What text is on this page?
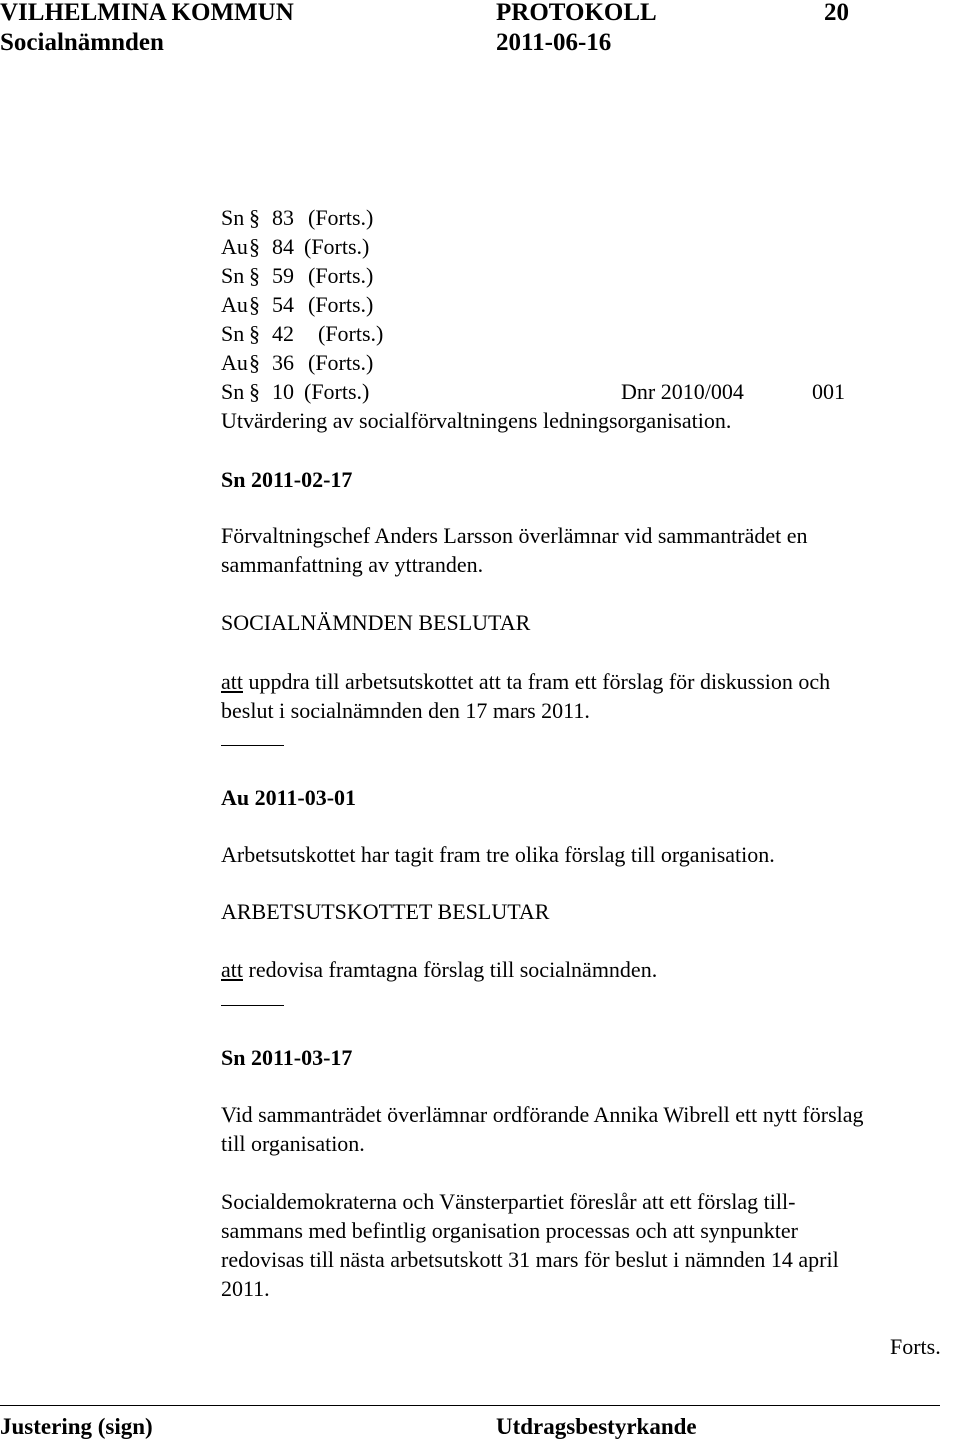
VILHELMINA KOMMUN	PROTOKOLL	20
Socialnämnden	2011-06-16
Sn § 83 (Forts.)
Au § 84 (Forts.)
Sn § 59 (Forts.)
Au § 54 (Forts.)
Sn § 42 (Forts.)
Au § 36 (Forts.)
Sn § 10 (Forts.)	Dnr 2010/004	001
Utvärdering av socialförvaltningens ledningsorganisation.
Sn 2011-02-17
Förvaltningschef Anders Larsson överlämnar vid sammanträdet en
sammanfattning av yttranden.
SOCIALNÄMNDEN BESLUTAR
att uppdra till arbetsutskottet att ta fram ett förslag för diskussion och
beslut i socialnämnden den 17 mars 2011.
Au 2011-03-01
Arbetsutskottet har tagit fram tre olika förslag till organisation.
ARBETSUTSKOTTET BESLUTAR
att redovisa framtagna förslag till socialnämnden.
Sn 2011-03-17
Vid sammanträdet överlämnar ordförande Annika Wibrell ett nytt förslag
till organisation.
Socialdemokraterna och Vänsterpartiet föreslår att ett förslag till-
sammans med befintlig organisation processas och att synpunkter
redovisas till nästa arbetsutskott 31 mars för beslut i nämnden 14 april
2011.
Forts.
Justering (sign)	Utdragsbestyrkande
